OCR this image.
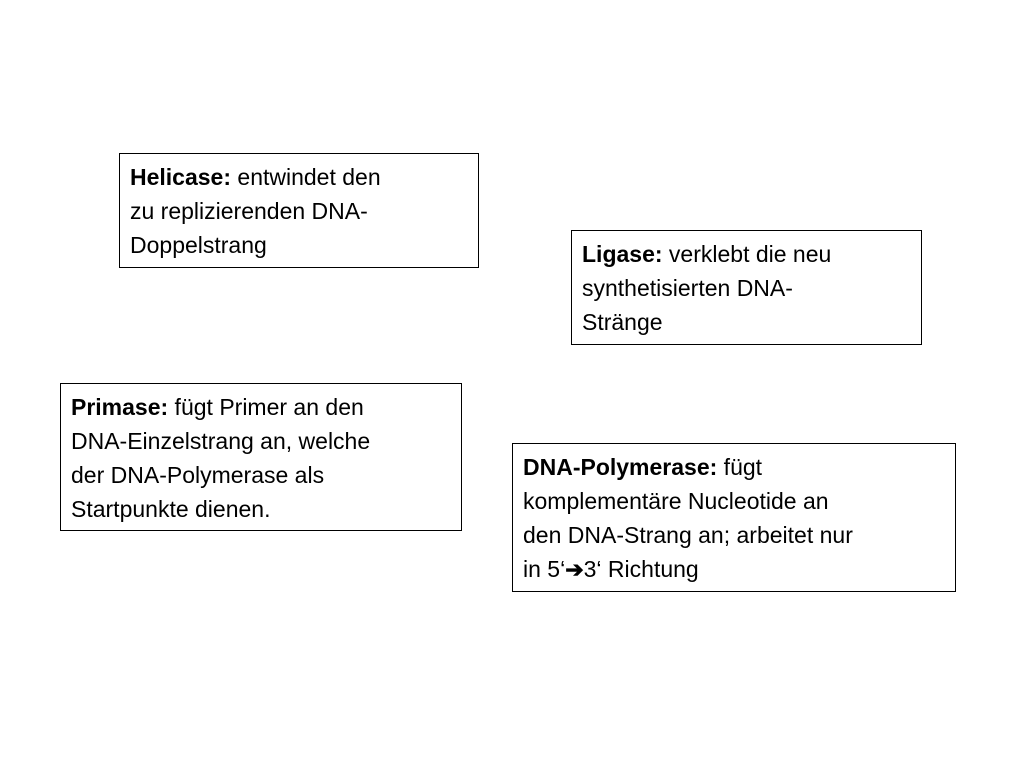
Helicase: entwindet den
zu replizierenden DNA-
Doppelstrang	Ligase: verklebt die neu
synthetisierten DNA-
Stränge
Primase: fügt Primer an den
DNA-Einzelstrang an, welche
der DNA-Polymerase als
Startpunkte dienen.
DNA-Polymerase: fügt
komplementäre Nucleotide an
den DNA-Strang an; arbeitet nur
in 5‘➔3‘ Richtung
